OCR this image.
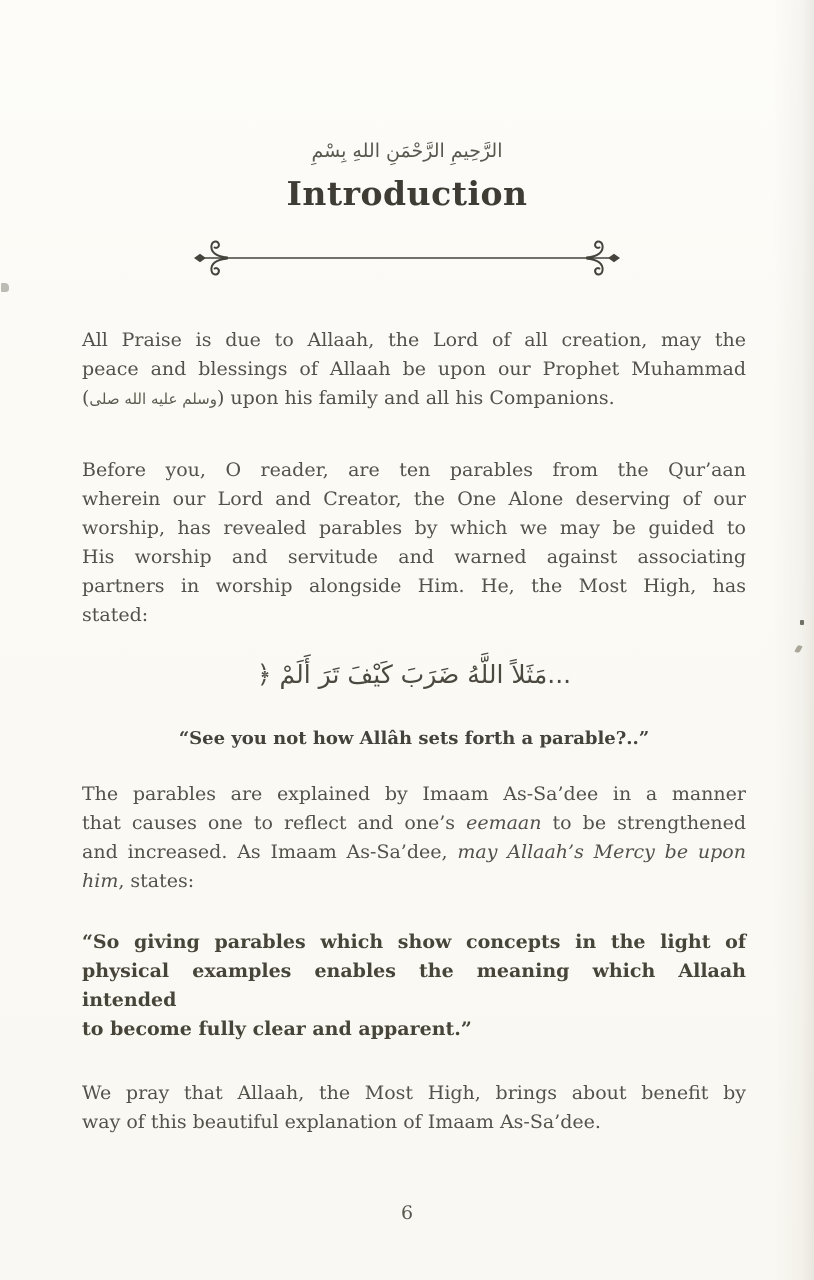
بِسْمِ‎ اللهِ‎ الرَّحْمَنِ‎ الرَّحِيمِ
Introduction
All Praise is due to Allaah, the Lord of all creation, may the
peace and blessings of Allaah be upon our Prophet Muhammad
(صلى‎ الله‎ عليه‎ وسلم) upon his family and all his Companions.
Before you, O reader, are ten parables from the Qur’aan
wherein our Lord and Creator, the One Alone deserving of our
worship, has revealed parables by which we may be guided to
His worship and servitude and warned against associating
partners in worship alongside Him. He, the Most High, has
stated:
﴿ أَلَمْ‎ تَرَ‎ كَيْفَ‎ ضَرَبَ‎ اللَّهُ‎ مَثَلاً...
“See you not how Allâh sets forth a parable?..”
The parables are explained by Imaam As-Sa’dee in a manner
that causes one to reflect and one’s eemaan to be strengthened
and increased. As Imaam As-Sa’dee, may Allaah’s Mercy be upon
him, states:
“So giving parables which show concepts in the light of
physical examples enables the meaning which Allaah intended
to become fully clear and apparent.”
We pray that Allaah, the Most High, brings about benefit by
way of this beautiful explanation of Imaam As-Sa’dee.
6
